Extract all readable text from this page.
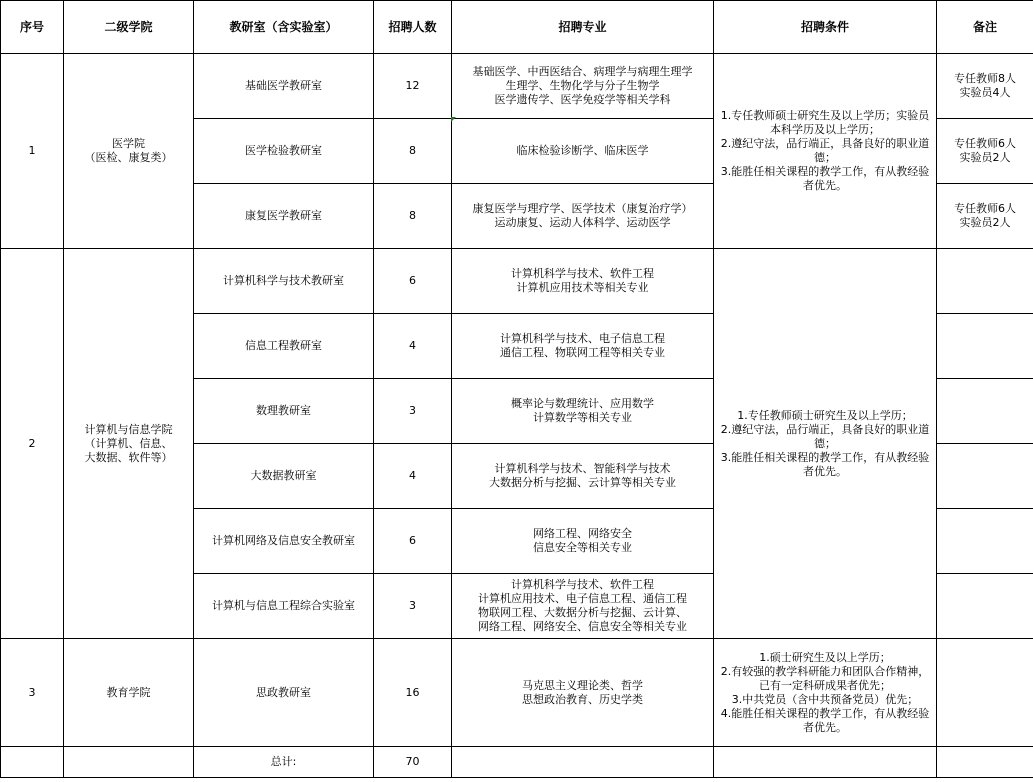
序号	二级学院	教研室（含实验室）	招聘人数	招聘专业	招聘条件	备注
1	医学院
（医检、康复类）	基础医学教研室	12	基础医学、中西医结合、病理学与病理生理学
生理学、生物化学与分子生物学
医学遗传学、医学免疫学等相关学科	1.专任教师硕士研究生及以上学历；实验员本科学历及以上学历；
2.遵纪守法，品行端正，具备良好的职业道德；
3.能胜任相关课程的教学工作，有从教经验者优先。	专任教师8人
实验员4人
		医学检验教研室	8	临床检验诊断学、临床医学		专任教师6人
实验员2人
		康复医学教研室	8	康复医学与理疗学、医学技术（康复治疗学）
运动康复、运动人体科学、运动医学		专任教师6人
实验员2人
2	计算机与信息学院
（计算机、信息、
大数据、软件等）	计算机科学与技术教研室	6	计算机科学与技术、软件工程
计算机应用技术等相关专业	1.专任教师硕士研究生及以上学历；
2.遵纪守法，品行端正，具备良好的职业道德；
3.能胜任相关课程的教学工作，有从教经验者优先。	
		信息工程教研室	4	计算机科学与技术、电子信息工程
通信工程、物联网工程等相关专业		
		数理教研室	3	概率论与数理统计、应用数学
计算数学等相关专业		
		大数据教研室	4	计算机科学与技术、智能科学与技术
大数据分析与挖掘、云计算等相关专业		
		计算机网络及信息安全教研室	6	网络工程、网络安全
信息安全等相关专业		
		计算机与信息工程综合实验室	3	计算机科学与技术、软件工程
计算机应用技术、电子信息工程、通信工程
物联网工程、大数据分析与挖掘、云计算、
网络工程、网络安全、信息安全等相关专业		
3	教育学院	思政教研室	16	马克思主义理论类、哲学
思想政治教育、历史学类	1.硕士研究生及以上学历；
2.有较强的教学科研能力和团队合作精神，已有一定科研成果者优先；
3.中共党员（含中共预备党员）优先；
4.能胜任相关课程的教学工作，有从教经验者优先。	
		总计:	70			
